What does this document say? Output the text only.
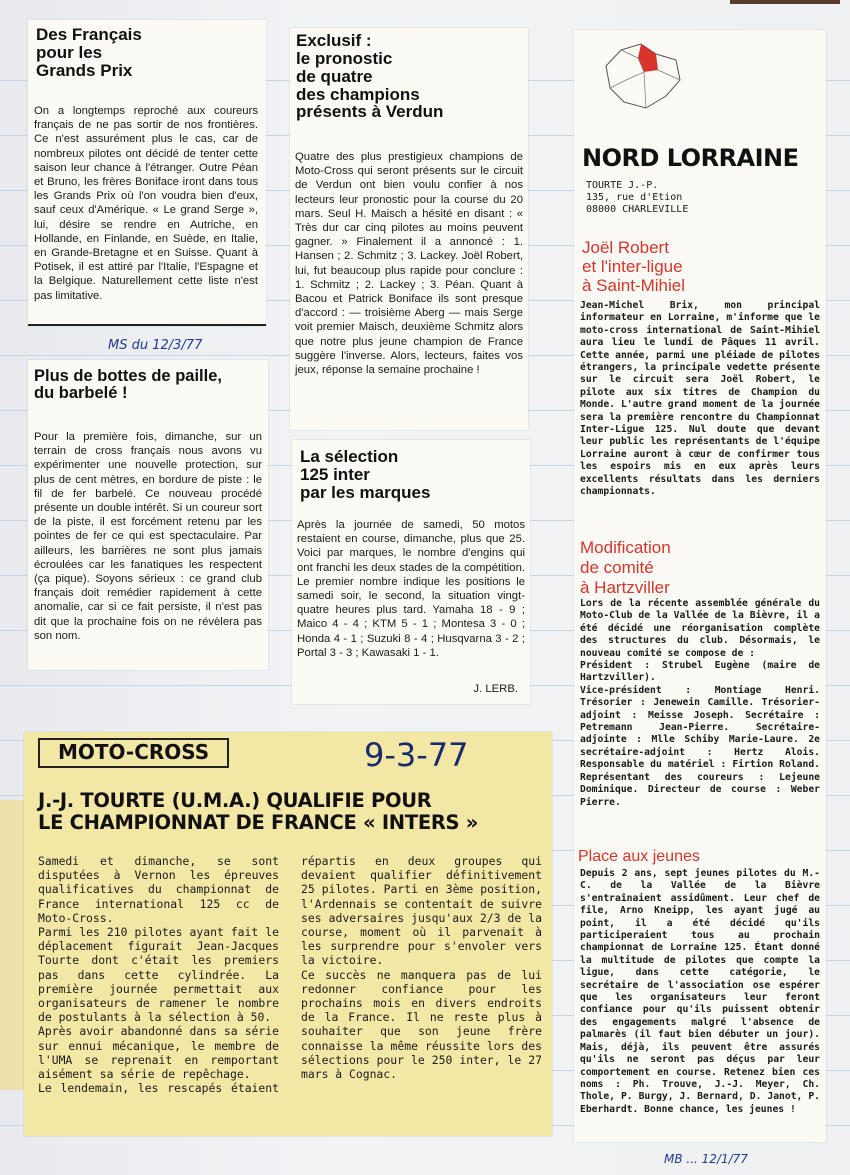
Des Français
pour les
Grands Prix
On a longtemps reproché aux coureurs français de ne pas sortir de nos frontières. Ce n'est assurément plus le cas, car de nombreux pilotes ont décidé de tenter cette saison leur chance à l'étranger. Outre Péan et Bruno, les frères Boniface iront dans tous les Grands Prix où l'on voudra bien d'eux, sauf ceux d'Amérique. « Le grand Serge », lui, désire se rendre en Autriche, en Hollande, en Finlande, en Suède, en Italie, en Grande-Bretagne et en Suisse. Quant à Potisek, il est attiré par l'Italie, l'Espagne et la Belgique. Naturellement cette liste n'est pas limitative.
MS du 12/3/77
Plus de bottes de paille,
du barbelé !
Pour la première fois, dimanche, sur un terrain de cross français nous avons vu expérimenter une nouvelle protection, sur plus de cent mètres, en bordure de piste : le fil de fer barbelé. Ce nouveau procédé présente un double intérêt. Si un coureur sort de la piste, il est forcément retenu par les pointes de fer ce qui est spectaculaire. Par ailleurs, les barrières ne sont plus jamais écroulées car les fanatiques les respectent (ça pique). Soyons sérieux : ce grand club français doit remédier rapidement à cette anomalie, car si ce fait persiste, il n'est pas dit que la prochaine fois on ne révèlera pas son nom.
Exclusif :
le pronostic
de quatre
des champions
présents à Verdun
Quatre des plus prestigieux champions de Moto-Cross qui seront présents sur le circuit de Verdun ont bien voulu confier à nos lecteurs leur pronostic pour la course du 20 mars. Seul H. Maisch a hésité en disant : « Très dur car cinq pilotes au moins peuvent gagner. » Finalement il a annoncé : 1. Hansen ; 2. Schmitz ; 3. Lackey. Joël Robert, lui, fut beaucoup plus rapide pour conclure : 1. Schmitz ; 2. Lackey ; 3. Péan. Quant à Bacou et Patrick Boniface ils sont presque d'accord : — troisième Aberg — mais Serge voit premier Maisch, deuxième Schmitz alors que notre plus jeune champion de France suggère l'inverse. Alors, lecteurs, faites vos jeux, réponse la semaine prochaine !
La sélection
125 inter
par les marques
Après la journée de samedi, 50 motos restaient en course, dimanche, plus que 25. Voici par marques, le nombre d'engins qui ont franchi les deux stades de la compétition. Le premier nombre indique les positions le samedi soir, le second, la situation vingt-quatre heures plus tard. Yamaha 18 - 9 ; Maico 4 - 4 ; KTM 5 - 1 ; Montesa 3 - 0 ; Honda 4 - 1 ; Suzuki 8 - 4 ; Husqvarna 3 - 2 ; Portal 3 - 3 ; Kawasaki 1 - 1.
J. LERB.
NORD LORRAINE
TOURTE J.-P.
135, rue d'Etion
08000 CHARLEVILLE
Joël Robert
et l'inter-ligue
à Saint-Mihiel
Jean-Michel Brix, mon principal informateur en Lorraine, m'informe que le moto-cross international de Saint-Mihiel aura lieu le lundi de Pâques 11 avril. Cette année, parmi une pléiade de pilotes étrangers, la principale vedette présente sur le circuit sera Joël Robert, le pilote aux six titres de Champion du Monde. L'autre grand moment de la journée sera la première rencontre du Championnat Inter-Ligue 125. Nul doute que devant leur public les représentants de l'équipe Lorraine auront à cœur de confirmer tous les espoirs mis en eux après leurs excellents résultats dans les derniers championnats.
Modification
de comité
à Hartzviller
Lors de la récente assemblée générale du Moto-Club de la Vallée de la Bièvre, il a été décidé une réorganisation complète des structures du club. Désormais, le nouveau comité se compose de :
Président : Strubel Eugène (maire de Hartzviller).
Vice-président : Montiage Henri. Trésorier : Jenewein Camille. Trésorier-adjoint : Meisse Joseph. Secrétaire : Petremann Jean-Pierre. Secrétaire-adjointe : Mlle Schiby Marie-Laure. 2e secrétaire-adjoint : Hertz Alois. Responsable du matériel : Firtion Roland. Représentant des coureurs : Lejeune Dominique. Directeur de course : Weber Pierre.
Place aux jeunes
Depuis 2 ans, sept jeunes pilotes du M.-C. de la Vallée de la Bièvre s'entraînaient assidûment. Leur chef de file, Arno Kneipp, les ayant jugé au point, il a été décidé qu'ils participeraient tous au prochain championnat de Lorraine 125. Étant donné la multitude de pilotes que compte la ligue, dans cette catégorie, le secrétaire de l'association ose espérer que les organisateurs leur feront confiance pour qu'ils puissent obtenir des engagements malgré l'absence de palmarès (il faut bien débuter un jour). Mais, déjà, ils peuvent être assurés qu'ils ne seront pas déçus par leur comportement en course. Retenez bien ces noms : Ph. Trouve, J.-J. Meyer, Ch. Thole, P. Burgy, J. Bernard, D. Janot, P. Eberhardt. Bonne chance, les jeunes !
MOTO-CROSS	9-3-77
J.-J. TOURTE (U.M.A.) QUALIFIE POUR
LE CHAMPIONNAT DE FRANCE « INTERS »
Samedi et dimanche, se sont disputées à Vernon les épreuves qualificatives du championnat de France international 125 cc de Moto-Cross.
Parmi les 210 pilotes ayant fait le déplacement figurait Jean-Jacques Tourte dont c'était les premiers pas dans cette cylindrée. La première journée permettait aux organisateurs de ramener le nombre de postulants à la sélection à 50.
Après avoir abandonné dans sa série sur ennui mécanique, le membre de l'UMA se reprenait en remportant aisément sa série de repêchage.
Le lendemain, les rescapés étaient répartis en deux groupes qui devaient qualifier définitivement 25 pilotes. Parti en 3ème position, l'Ardennais se contentait de suivre ses adversaires jusqu'aux 2/3 de la course, moment où il parvenait à les surprendre pour s'envoler vers la victoire.
Ce succès ne manquera pas de lui redonner confiance pour les prochains mois en divers endroits de la France. Il ne reste plus à souhaiter que son jeune frère connaisse la même réussite lors des sélections pour le 250 inter, le 27 mars à Cognac.
MB ... 12/1/77
